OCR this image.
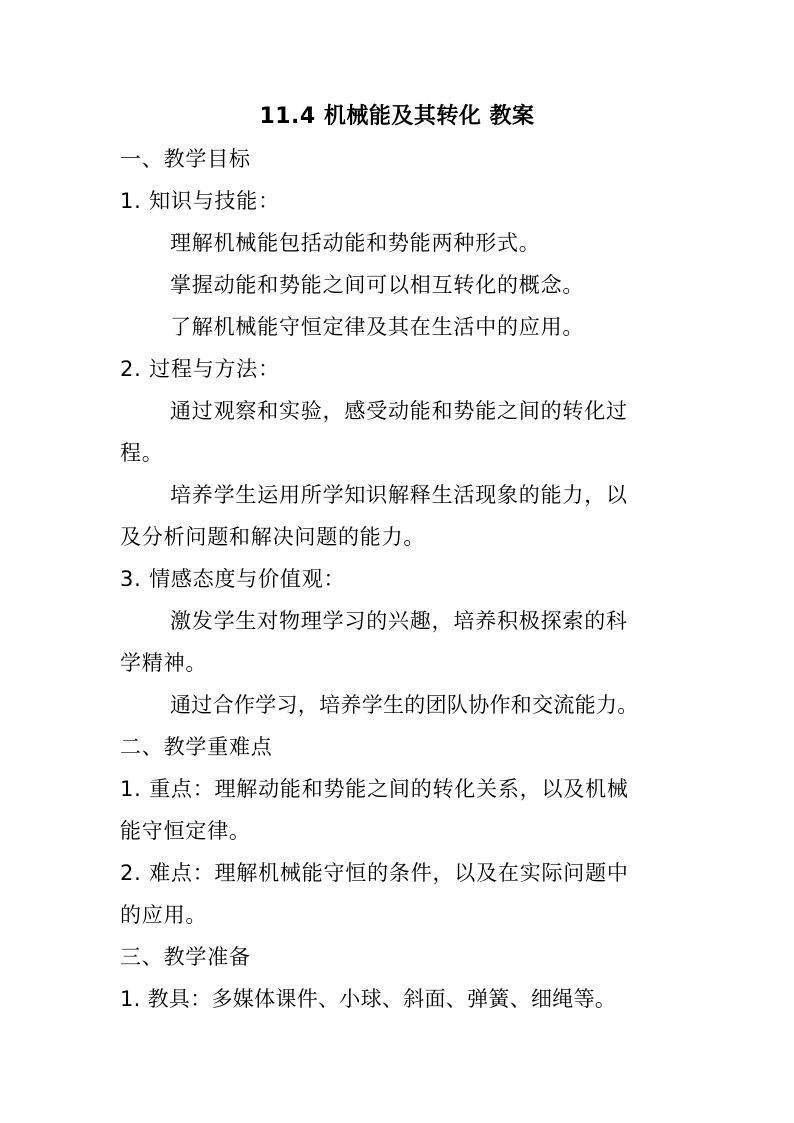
11.4 机械能及其转化 教案
一、教学目标
1. 知识与技能：
理解机械能包括动能和势能两种形式。
掌握动能和势能之间可以相互转化的概念。
了解机械能守恒定律及其在生活中的应用。
2. 过程与方法：
通过观察和实验，感受动能和势能之间的转化过
程。
培养学生运用所学知识解释生活现象的能力，以
及分析问题和解决问题的能力。
3. 情感态度与价值观：
激发学生对物理学习的兴趣，培养积极探索的科
学精神。
通过合作学习，培养学生的团队协作和交流能力。
二、教学重难点
1. 重点：理解动能和势能之间的转化关系，以及机械
能守恒定律。
2. 难点：理解机械能守恒的条件，以及在实际问题中
的应用。
三、教学准备
1. 教具：多媒体课件、小球、斜面、弹簧、细绳等。
